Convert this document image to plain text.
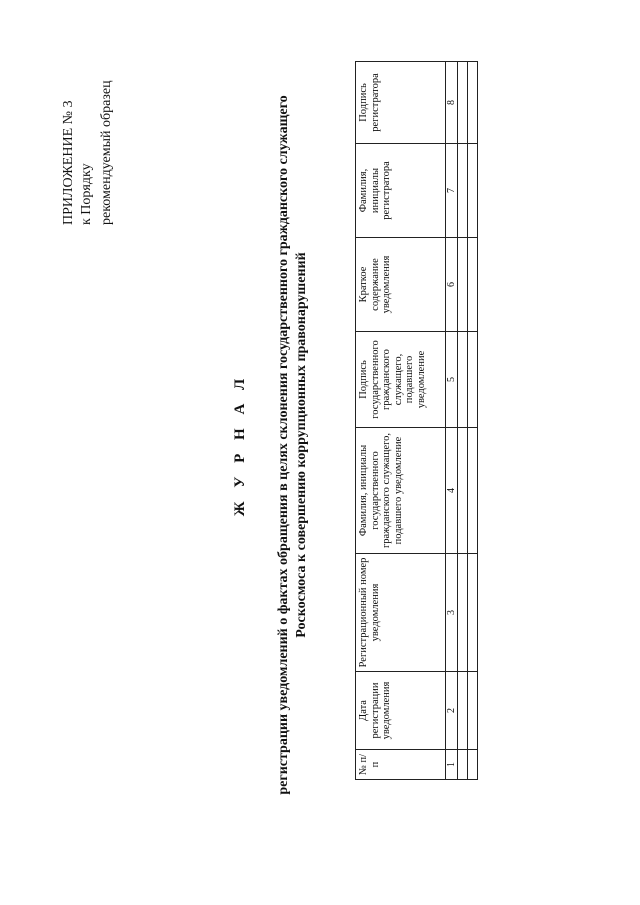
ПРИЛОЖЕНИЕ № 3 к Порядку рекомендуемый образец
Ж У Р Н А Л регистрации уведомлений о фактах обращения в целях склонения государственного гражданского служащего Роскосмоса к совершению коррупционных правонарушений
№ п/п	Дата регистрации уведомления	Регистрационный номер уведомления	Фамилия, инициалы государственного гражданского служащего, подавшего уведомление	Подпись государственного гражданского служащего, подавшего уведомление	Краткое содержание уведомления	Фамилия, инициалы регистратора	Подпись регистратора
1	2	3	4	5	6	7	8
